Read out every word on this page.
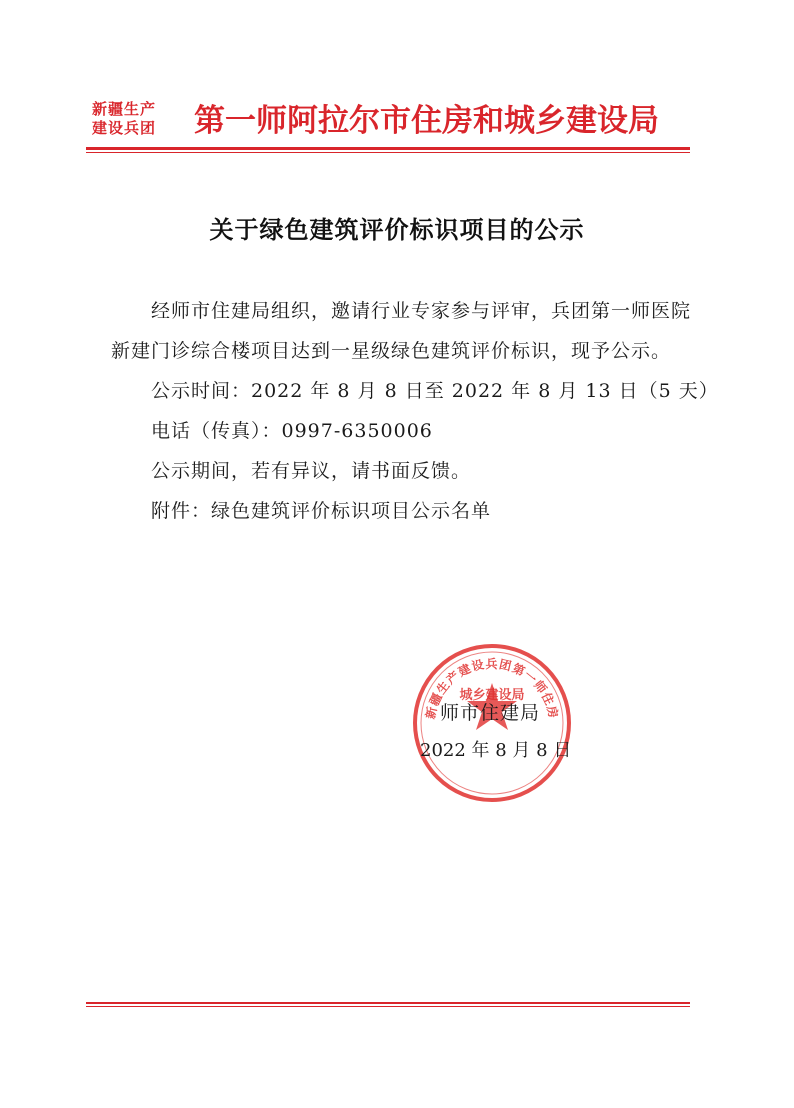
新疆生产
建设兵团	第一师阿拉尔市住房和城乡建设局
关于绿色建筑评价标识项目的公示

经师市住建局组织，邀请行业专家参与评审，兵团第一师医院新建门诊综合楼项目达到一星级绿色建筑评价标识，现予公示。

公示时间：2022 年 8 月 8 日至 2022 年 8 月 13 日（5 天）
电话（传真）：0997-6350006
公示期间，若有异议，请书面反馈。
附件：绿色建筑评价标识项目公示名单
新疆生产建设兵团第一师住房
城乡建设局
师市住建局
2022 年 8 月 8 日
